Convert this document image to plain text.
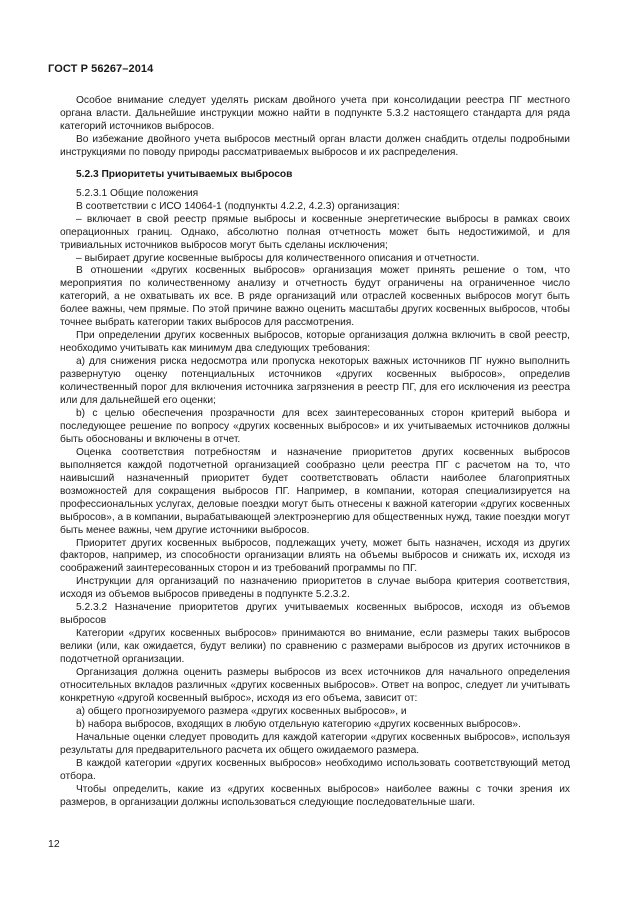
ГОСТ Р 56267–2014

Особое внимание следует уделять рискам двойного учета при консолидации реестра ПГ местного органа власти. Дальнейшие инструкции можно найти в подпункте 5.3.2 настоящего стандарта для ряда категорий источников выбросов.

Во избежание двойного учета выбросов местный орган власти должен снабдить отделы подробными инструкциями по поводу природы рассматриваемых выбросов и их распределения.

5.2.3 Приоритеты учитываемых выбросов

5.2.3.1 Общие положения

В соответствии с ИСО 14064-1 (подпункты 4.2.2, 4.2.3) организация:

– включает в свой реестр прямые выбросы и косвенные энергетические выбросы в рамках своих операционных границ. Однако, абсолютно полная отчетность может быть недостижимой, и для тривиальных источников выбросов могут быть сделаны исключения;

– выбирает другие косвенные выбросы для количественного описания и отчетности.

В отношении «других косвенных выбросов» организация может принять решение о том, что мероприятия по количественному анализу и отчетность будут ограничены на ограниченное число категорий, а не охватывать их все. В ряде организаций или отраслей косвенных выбросов могут быть более важны, чем прямые. По этой причине важно оценить масштабы других косвенных выбросов, чтобы точнее выбрать категории таких выбросов для рассмотрения.

При определении других косвенных выбросов, которые организация должна включить в свой реестр, необходимо учитывать как минимум два следующих требования:

а) для снижения риска недосмотра или пропуска некоторых важных источников ПГ нужно выполнить развернутую оценку потенциальных источников «других косвенных выбросов», определив количественный порог для включения источника загрязнения в реестр ПГ, для его исключения из реестра или для дальнейшей его оценки;

b) с целью обеспечения прозрачности для всех заинтересованных сторон критерий выбора и последующее решение по вопросу «других косвенных выбросов» и их учитываемых источников должны быть обоснованы и включены в отчет.

Оценка соответствия потребностям и назначение приоритетов других косвенных выбросов выполняется каждой подотчетной организацией сообразно цели реестра ПГ с расчетом на то, что наивысший назначенный приоритет будет соответствовать области наиболее благоприятных возможностей для сокращения выбросов ПГ. Например, в компании, которая специализируется на профессиональных услугах, деловые поездки могут быть отнесены к важной категории «других косвенных выбросов», а в компании, вырабатывающей электроэнергию для общественных нужд, такие поездки могут быть менее важны, чем другие источники выбросов.

Приоритет других косвенных выбросов, подлежащих учету, может быть назначен, исходя из других факторов, например, из способности организации влиять на объемы выбросов и снижать их, исходя из соображений заинтересованных сторон и из требований программы по ПГ.

Инструкции для организаций по назначению приоритетов в случае выбора критерия соответствия, исходя из объемов выбросов приведены в подпункте 5.2.3.2.

5.2.3.2 Назначение приоритетов других учитываемых косвенных выбросов, исходя из объемов выбросов

Категории «других косвенных выбросов» принимаются во внимание, если размеры таких выбросов велики (или, как ожидается, будут велики) по сравнению с размерами выбросов из других источников в подотчетной организации.

Организация должна оценить размеры выбросов из всех источников для начального определения относительных вкладов различных «других косвенных выбросов». Ответ на вопрос, следует ли учитывать конкретную «другой косвенный выброс», исходя из его объема, зависит от:

а) общего прогнозируемого размера «других косвенных выбросов», и

b) набора выбросов, входящих в любую отдельную категорию «других косвенных выбросов».

Начальные оценки следует проводить для каждой категории «других косвенных выбросов», используя результаты для предварительного расчета их общего ожидаемого размера.

В каждой категории «других косвенных выбросов» необходимо использовать соответствующий метод отбора.

Чтобы определить, какие из «других косвенных выбросов» наиболее важны с точки зрения их размеров, в организации должны использоваться следующие последовательные шаги.

12
